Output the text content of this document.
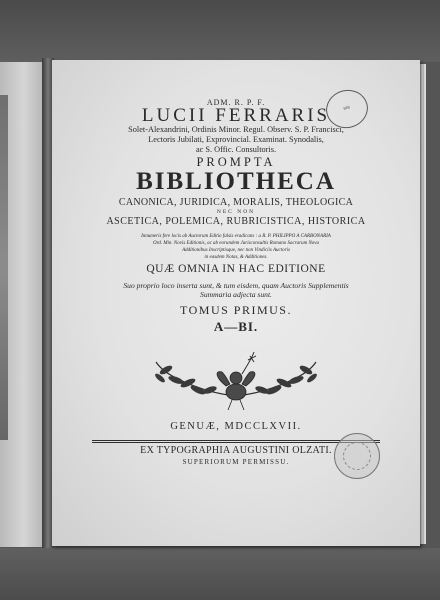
ADM. R. P. F.
LUCII FERRARIS
Solet-Alexandrini, Ordinis Minor. Regul. Observ. S. P. Francisci,
Lectoris Jubilati, Exprovincial. Examinat. Synodalis,
ac S. Offic. Consultoris.
PROMPTA
BIBLIOTHECA
CANONICA, JURIDICA, MORALIS, THEOLOGICA
NEC NON
ASCETICA, POLEMICA, RUBRICISTICA, HISTORICA
Innumeris fere locis ab Auctorum Editio falsis eradicans : a R. P. PHILIPPO A CARBONARIA
Ord. Min. Novis Editionis, ac ab eorundem Jurisconsultis Romano Sacrarum Nova
Additionibus Inscriptisque, nec non Vindiciis Auctoris
in easdem Notas, & Additiones.
QUÆ OMNIA IN HAC EDITIONE
Suo proprio loco inserta sunt, & tum eisdem, quam Auctoris Supplementis
Summaria adjecta sunt.
TOMUS PRIMUS.
A—BI.
GENUÆ, MDCCLXVII.
EX TYPOGRAPHIA AUGUSTINI OLZATI.
SUPERIORUM PERMISSU.
BIB
